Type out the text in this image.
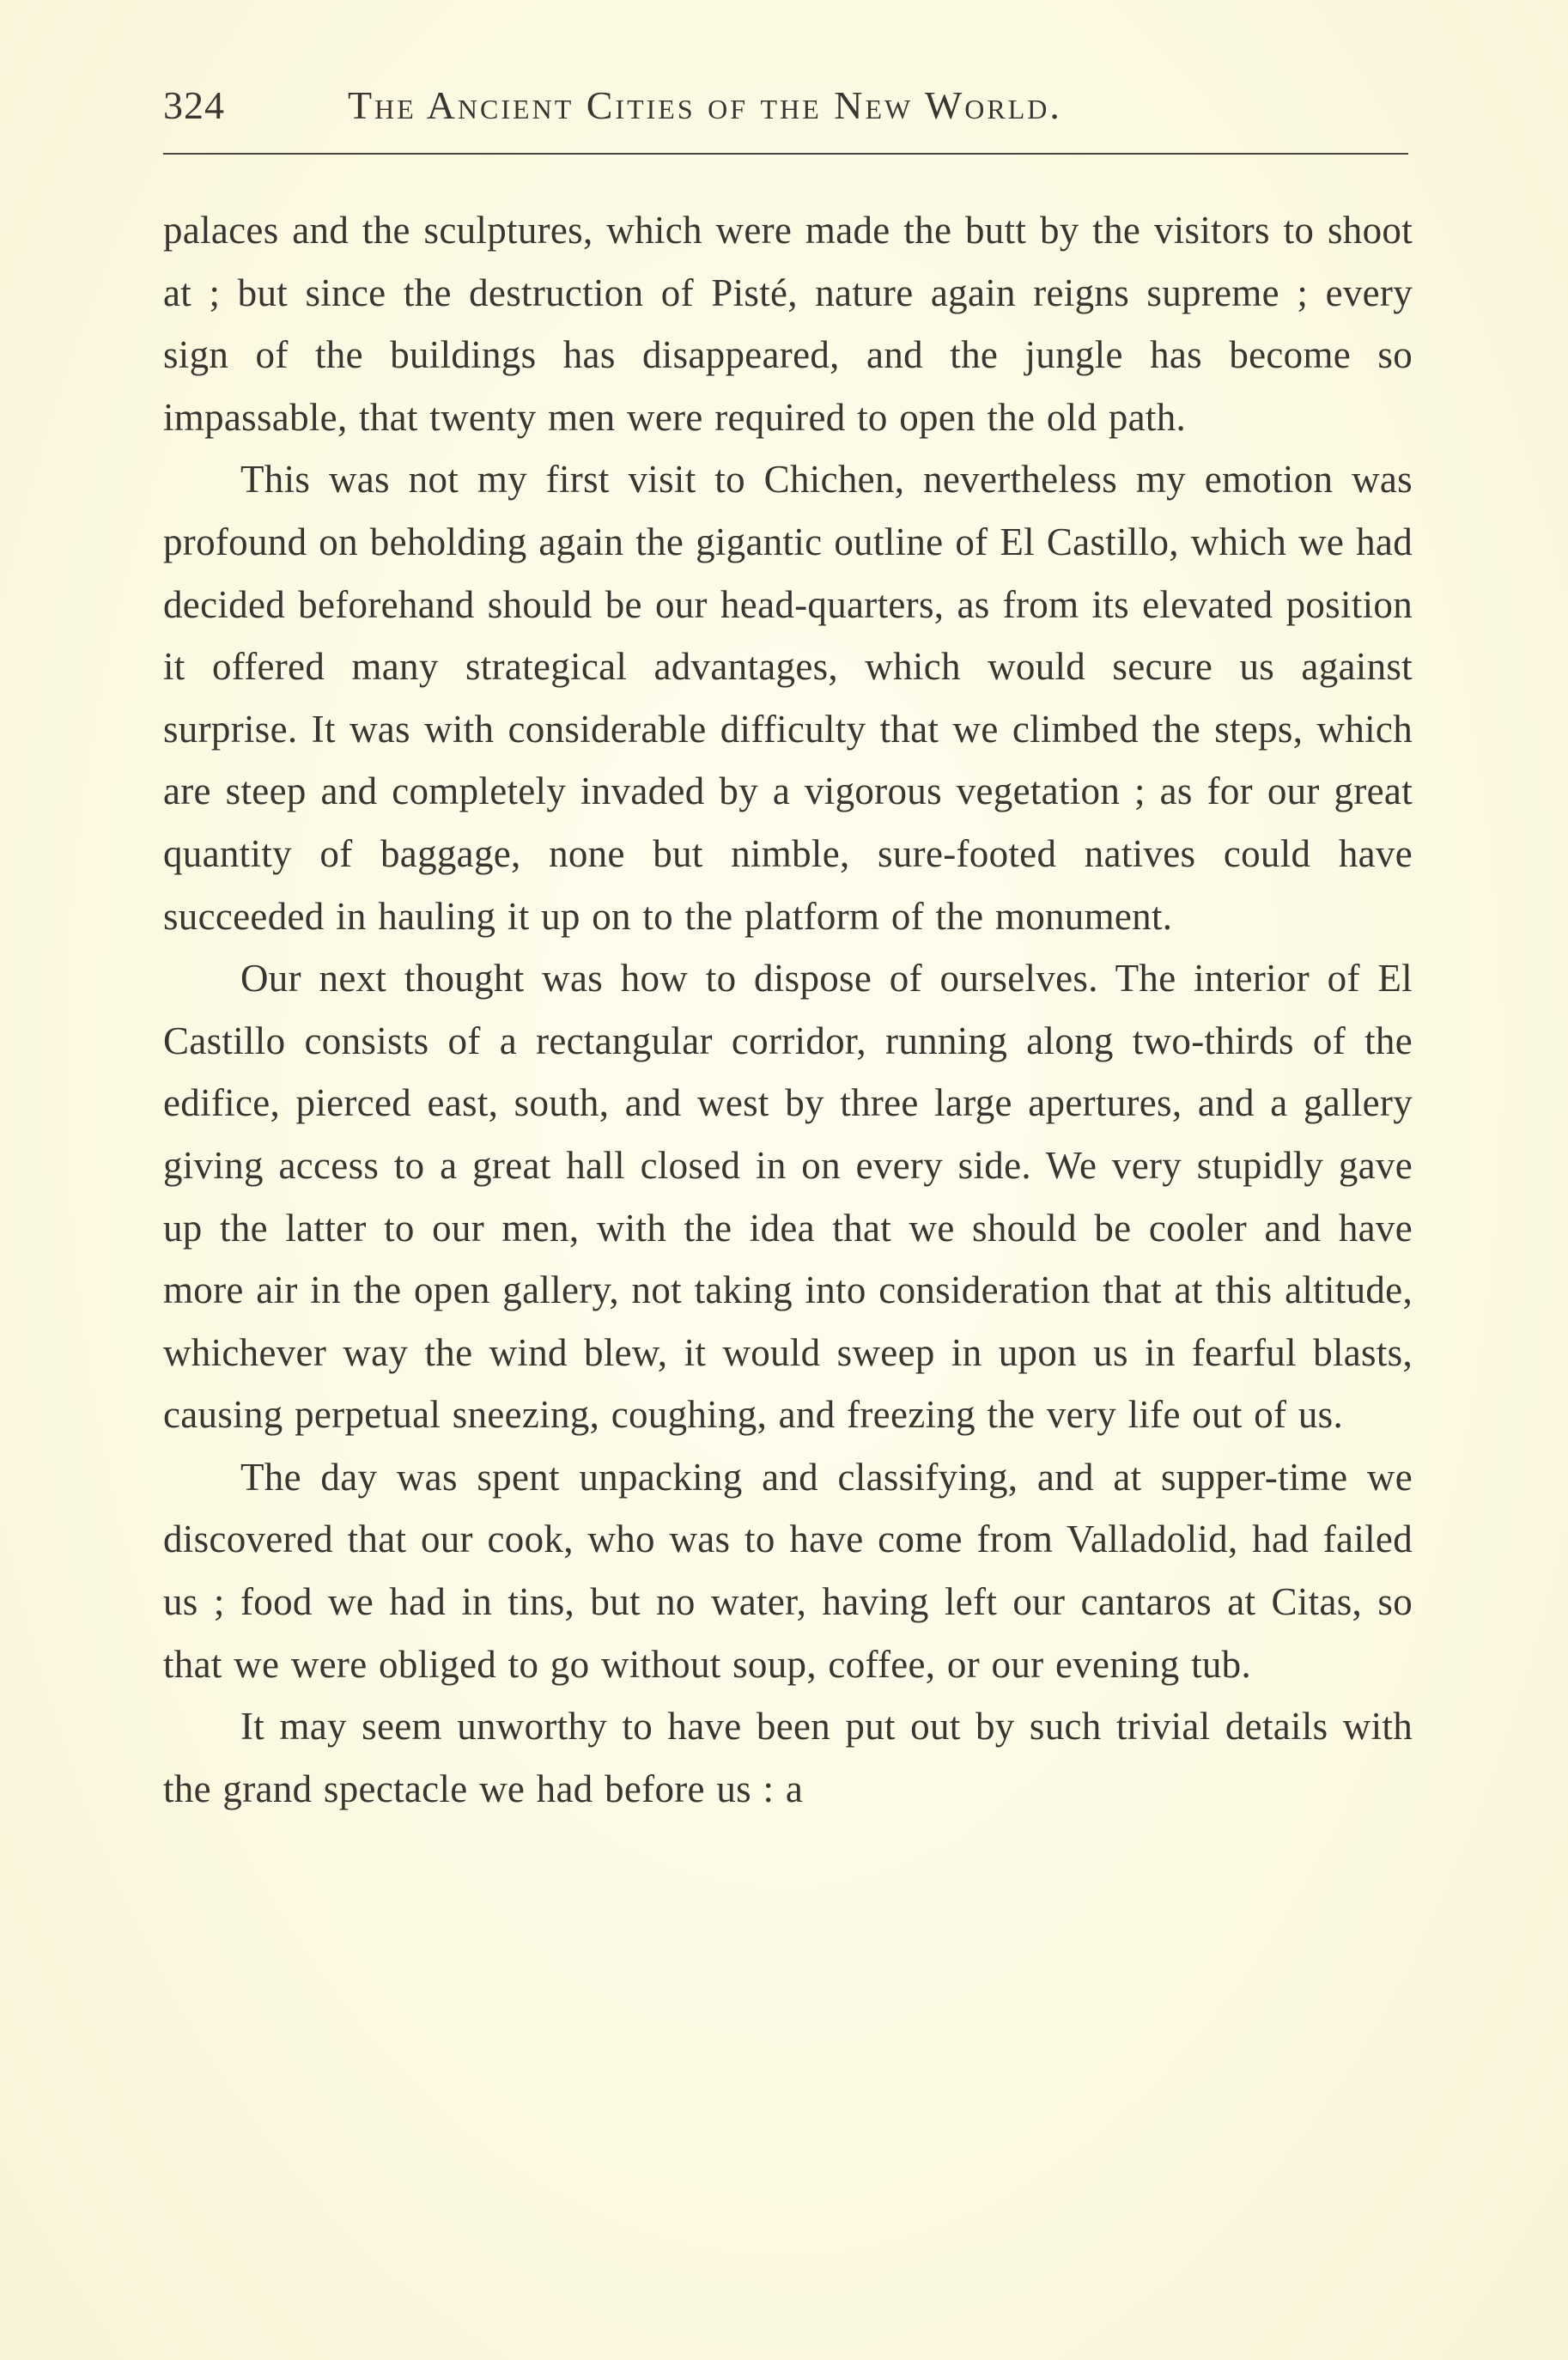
324	The Ancient Cities of the New World.

palaces and the sculptures, which were made the butt by the visitors to shoot at ; but since the destruction of Pisté, nature again reigns supreme ; every sign of the buildings has disappeared, and the jungle has become so impassable, that twenty men were required to open the old path.

This was not my first visit to Chichen, nevertheless my emotion was profound on beholding again the gigantic outline of El Castillo, which we had decided beforehand should be our head-quarters, as from its elevated position it offered many strategical advantages, which would secure us against surprise. It was with considerable difficulty that we climbed the steps, which are steep and completely invaded by a vigorous vegetation ; as for our great quantity of baggage, none but nimble, sure-footed natives could have succeeded in hauling it up on to the platform of the monument.

Our next thought was how to dispose of ourselves. The interior of El Castillo consists of a rectangular corridor, running along two-thirds of the edifice, pierced east, south, and west by three large apertures, and a gallery giving access to a great hall closed in on every side. We very stupidly gave up the latter to our men, with the idea that we should be cooler and have more air in the open gallery, not taking into consideration that at this altitude, whichever way the wind blew, it would sweep in upon us in fearful blasts, causing perpetual sneezing, coughing, and freezing the very life out of us.

The day was spent unpacking and classifying, and at supper-time we discovered that our cook, who was to have come from Valladolid, had failed us ; food we had in tins, but no water, having left our cantaros at Citas, so that we were obliged to go without soup, coffee, or our evening tub.

It may seem unworthy to have been put out by such trivial details with the grand spectacle we had before us : a
